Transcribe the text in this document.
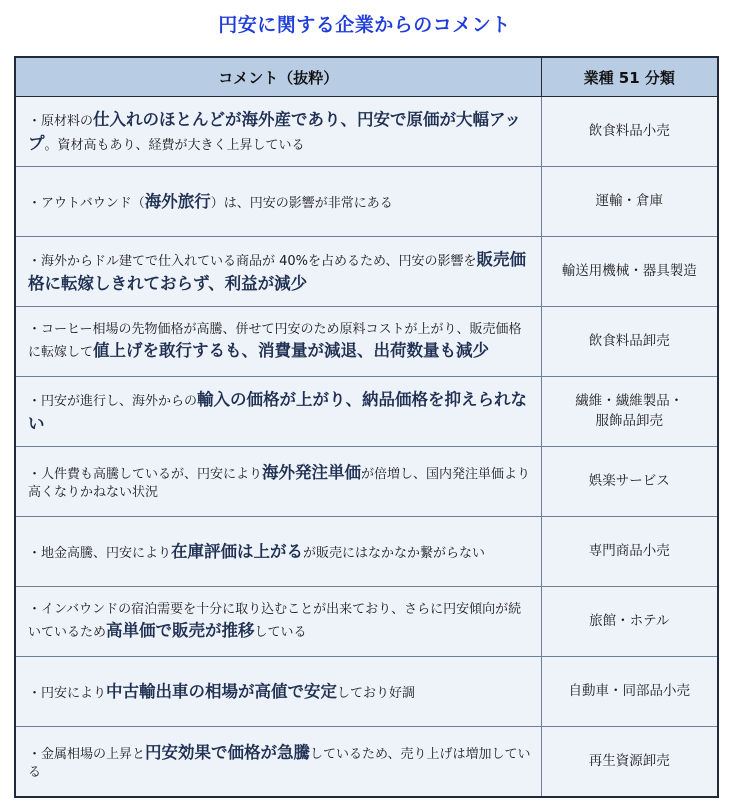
円安に関する企業からのコメント
コメント（抜粋）	業種 51 分類
・原材料の仕入れのほとんどが海外産であり、円安で原価が大幅アップ。資材高もあり、経費が大きく上昇している	飲食料品小売

・アウトバウンド（海外旅行）は、円安の影響が非常にある	運輸・倉庫

・海外からドル建てで仕入れている商品が 40%を占めるため、円安の影響を販売価格に転嫁しきれておらず、利益が減少	輸送用機械・器具製造

・コーヒー相場の先物価格が高騰、併せて円安のため原料コストが上がり、販売価格に転嫁して値上げを敢行するも、消費量が減退、出荷数量も減少	飲食料品卸売

・円安が進行し、海外からの輸入の価格が上がり、納品価格を抑えられない	繊維・繊維製品・
服飾品卸売

・人件費も高騰しているが、円安により海外発注単価が倍増し、国内発注単価より高くなりかねない状況	娯楽サービス

・地金高騰、円安により在庫評価は上がるが販売にはなかなか繋がらない	専門商品小売

・インバウンドの宿泊需要を十分に取り込むことが出来ており、さらに円安傾向が続いているため高単価で販売が推移している	旅館・ホテル

・円安により中古輸出車の相場が高値で安定しており好調	自動車・同部品小売

・金属相場の上昇と円安効果で価格が急騰しているため、売り上げは増加している	再生資源卸売
